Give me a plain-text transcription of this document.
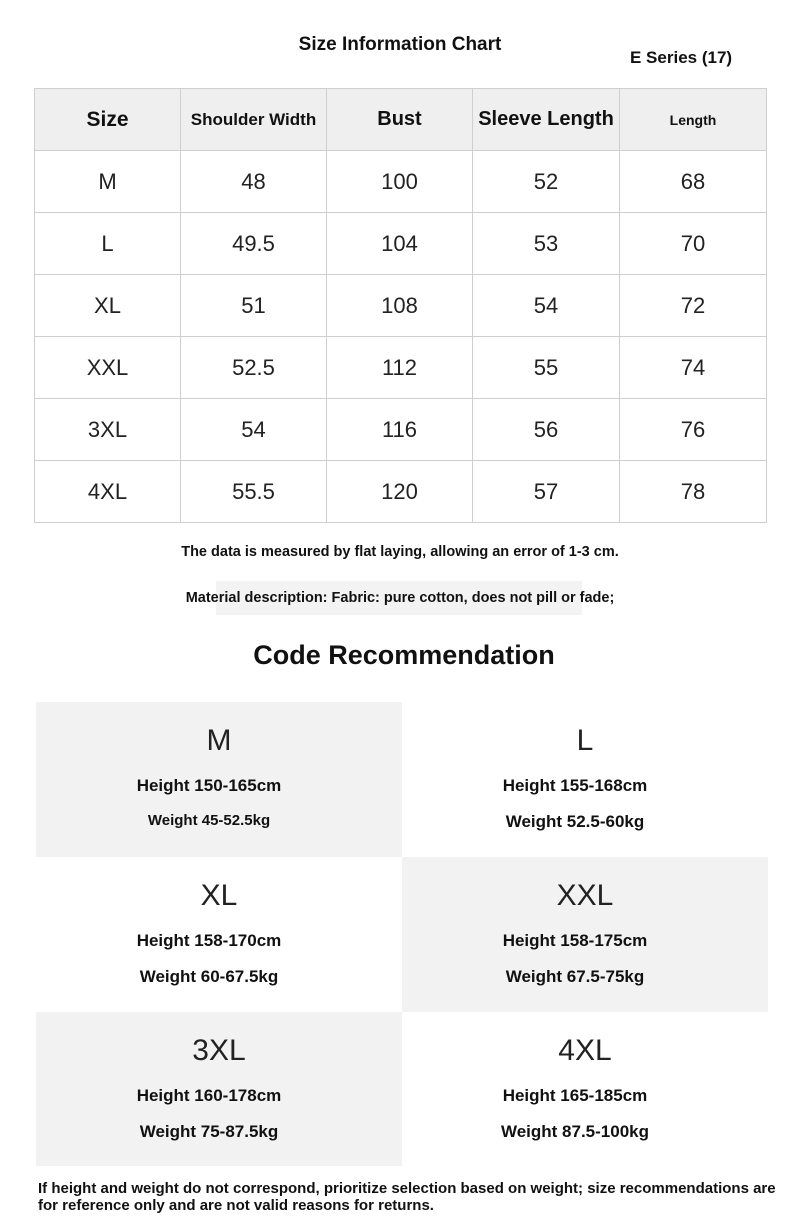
Size Information Chart
E Series (17)
Size	Shoulder Width	Bust	Sleeve Length	Length
M	48	100	52	68
L	49.5	104	53	70
XL	51	108	54	72
XXL	52.5	112	55	74
3XL	54	116	56	76
4XL	55.5	120	57	78
The data is measured by flat laying, allowing an error of 1-3 cm.
Material description: Fabric: pure cotton, does not pill or fade;
Code Recommendation
M
Height 150-165cm
Weight 45-52.5kg
L
Height 155-168cm
Weight 52.5-60kg
XL
Height 158-170cm
Weight 60-67.5kg
XXL
Height 158-175cm
Weight 67.5-75kg
3XL
Height 160-178cm
Weight 75-87.5kg
4XL
Height 165-185cm
Weight 87.5-100kg
If height and weight do not correspond, prioritize selection based on weight; size recommendations are for reference only and are not valid reasons for returns.
